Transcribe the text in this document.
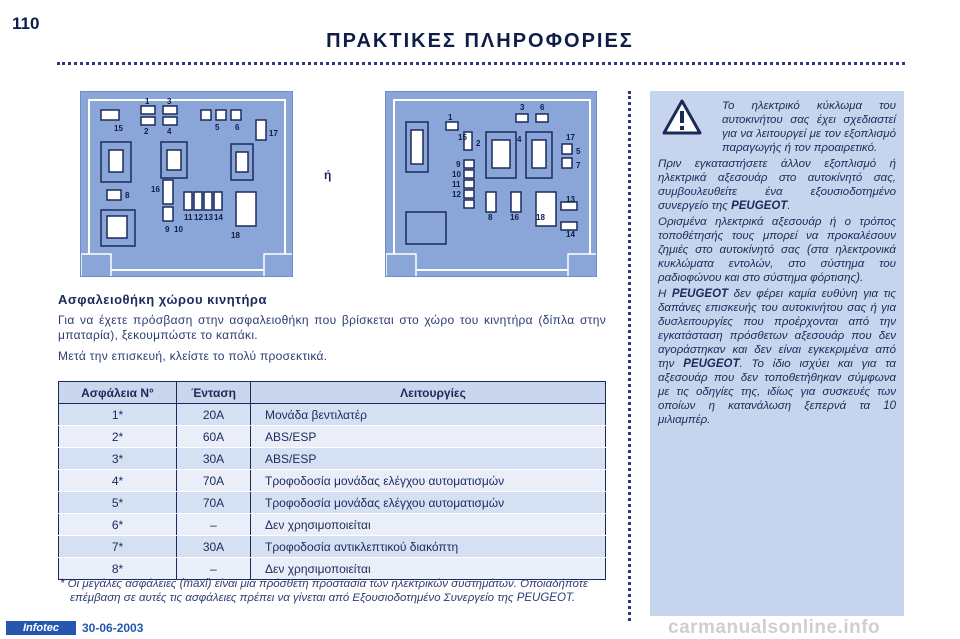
110
ΠΡΑΚΤΙΚΕΣ ΠΛΗΡΟΦΟΡΙΕΣ
1 3
15	2 4	5 6
17
8
16
11 12 13 14
9 10
18
ή
3 6
1
15
2	4	17
5
7
9
10
11
12
8 16 18
13
14
Ασφαλειοθήκη χώρου κινητήρα

Για να έχετε πρόσβαση στην ασφαλειοθήκη που βρίσκεται στο χώρο του κινητήρα (δίπλα στην μπαταρία), ξεκουμπώστε το καπάκι.

Μετά την επισκευή, κλείστε το πολύ προσεκτικά.

Ασφάλεια N°	Ένταση	Λειτουργίες
1*	20A	Μονάδα βεντιλατέρ
2*	60A	ABS/ESP
3*	30A	ABS/ESP
4*	70A	Τροφοδοσία μονάδας ελέγχου αυτοματισμών
5*	70A	Τροφοδοσία μονάδας ελέγχου αυτοματισμών
6*	–	Δεν χρησιμοποιείται
7*	30A	Τροφοδοσία αντικλεπτικού διακόπτη
8*	–	Δεν χρησιμοποιείται
* Οι μεγάλες ασφάλειες (maxi) είναι μια πρόσθετη προστασία των ηλεκτρικών συστημάτων. Οποιαδήποτε επέμβαση σε αυτές τις ασφάλειες πρέπει να γίνεται από Εξουσιοδοτημένο Συνεργείο της PEUGEOT.

Το ηλεκτρικό κύκλωμα του αυτοκινήτου σας έχει σχεδιαστεί για να λειτουργεί με τον εξοπλισμό παραγωγής ή τον προαιρετικό.

Πριν εγκαταστήσετε άλλον εξοπλισμό ή ηλεκτρικά αξεσουάρ στο αυτοκίνητό σας, συμβουλευθείτε ένα εξουσιοδοτημένο συνεργείο της PEUGEOT.

Ορισμένα ηλεκτρικά αξεσουάρ ή ο τρόπος τοποθέτησής τους μπορεί να προκαλέσουν ζημιές στο αυτοκίνητό σας (στα ηλεκτρονικά κυκλώματα εντολών, στο σύστημα του ραδιοφώνου και στο σύστημα φόρτισης).

Η PEUGEOT δεν φέρει καμία ευθύνη για τις δαπάνες επισκευής του αυτοκινήτου σας ή για δυσλειτουργίες που προέρχονται από την εγκατάσταση πρόσθετων αξεσουάρ που δεν αγοράστηκαν και δεν είναι εγκεκριμένα από την PEUGEOT. Το ίδιο ισχύει και για τα αξεσουάρ που δεν τοποθετήθηκαν σύμφωνα με τις οδηγίες της, ιδίως για συσκευές των οποίων η κατανάλωση ξεπερνά τα 10 μιλιαμπέρ.

Infotec	30-06-2003	carmanualsonline.info
